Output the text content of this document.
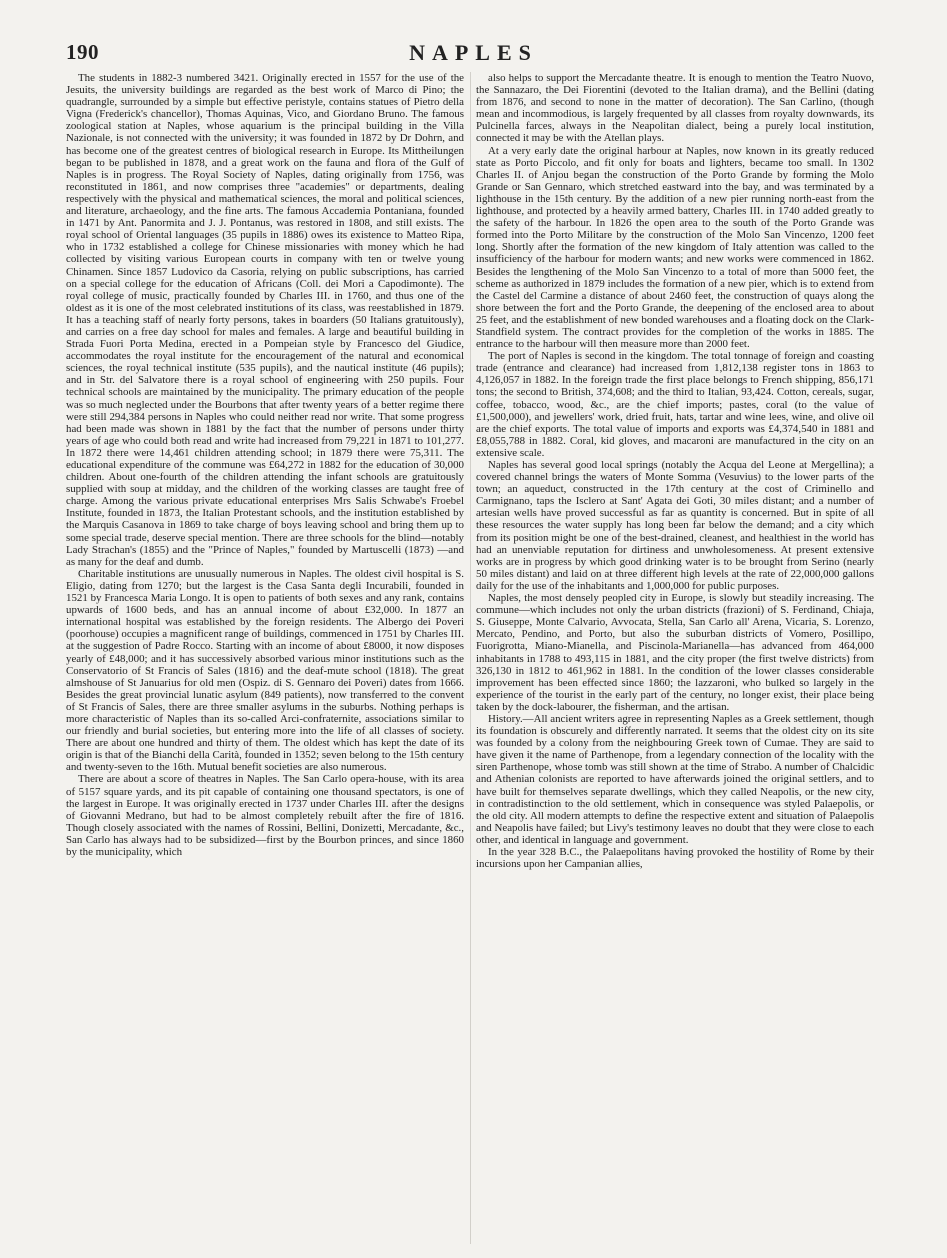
190	NAPLES

The students in 1882-3 numbered 3421. Originally erected in 1557 for the use of the Jesuits, the university buildings are regarded as the best work of Marco di Pino; the quadrangle, surrounded by a simple but effective peristyle, contains statues of Pietro della Vigna (Frederick's chancellor), Thomas Aquinas, Vico, and Giordano Bruno. The famous zoological station at Naples, whose aquarium is the principal building in the Villa Nazionale, is not connected with the university; it was founded in 1872 by Dr Dohrn, and has become one of the greatest centres of biological research in Europe. Its Mittheilungen began to be published in 1878, and a great work on the fauna and flora of the Gulf of Naples is in progress. The Royal Society of Naples, dating originally from 1756, was reconstituted in 1861, and now comprises three "academies" or departments, dealing respectively with the physical and mathematical sciences, the moral and political sciences, and literature, archaeology, and the fine arts. The famous Accademia Pontaniana, founded in 1471 by Ant. Panormita and J. J. Pontanus, was restored in 1808, and still exists. The royal school of Oriental languages (35 pupils in 1886) owes its existence to Matteo Ripa, who in 1732 established a college for Chinese missionaries with money which he had collected by visiting various European courts in company with ten or twelve young Chinamen. Since 1857 Ludovico da Casoria, relying on public subscriptions, has carried on a special college for the education of Africans (Coll. dei Mori a Capodimonte). The royal college of music, practically founded by Charles III. in 1760, and thus one of the oldest as it is one of the most celebrated institutions of its class, was reestablished in 1879. It has a teaching staff of nearly forty persons, takes in boarders (50 Italians gratuitously), and carries on a free day school for males and females. A large and beautiful building in Strada Fuori Porta Medina, erected in a Pompeian style by Francesco del Giudice, accommodates the royal institute for the encouragement of the natural and economical sciences, the royal technical institute (535 pupils), and the nautical institute (46 pupils); and in Str. del Salvatore there is a royal school of engineering with 250 pupils. Four technical schools are maintained by the municipality. The primary education of the people was so much neglected under the Bourbons that after twenty years of a better regime there were still 294,384 persons in Naples who could neither read nor write. That some progress had been made was shown in 1881 by the fact that the number of persons under thirty years of age who could both read and write had increased from 79,221 in 1871 to 101,277. In 1872 there were 14,461 children attending school; in 1879 there were 75,311. The educational expenditure of the commune was £64,272 in 1882 for the education of 30,000 children. About one-fourth of the children attending the infant schools are gratuitously supplied with soup at midday, and the children of the working classes are taught free of charge. Among the various private educational enterprises Mrs Salis Schwabe's Froebel Institute, founded in 1873, the Italian Protestant schools, and the institution established by the Marquis Casanova in 1869 to take charge of boys leaving school and bring them up to some special trade, deserve special mention. There are three schools for the blind—notably Lady Strachan's (1855) and the "Prince of Naples," founded by Martuscelli (1873) —and as many for the deaf and dumb.

Charitable institutions are unusually numerous in Naples. The oldest civil hospital is S. Eligio, dating from 1270; but the largest is the Casa Santa degli Incurabili, founded in 1521 by Francesca Maria Longo. It is open to patients of both sexes and any rank, contains upwards of 1600 beds, and has an annual income of about £32,000. In 1877 an international hospital was established by the foreign residents. The Albergo dei Poveri (poorhouse) occupies a magnificent range of buildings, commenced in 1751 by Charles III. at the suggestion of Padre Rocco. Starting with an income of about £8000, it now disposes yearly of £48,000; and it has successively absorbed various minor institutions such as the Conservatorio of St Francis of Sales (1816) and the deaf-mute school (1818). The great almshouse of St Januarius for old men (Ospiz. di S. Gennaro dei Poveri) dates from 1666. Besides the great provincial lunatic asylum (849 patients), now transferred to the convent of St Francis of Sales, there are three smaller asylums in the suburbs. Nothing perhaps is more characteristic of Naples than its so-called Arci-confraternite, associations similar to our friendly and burial societies, but entering more into the life of all classes of society. There are about one hundred and thirty of them. The oldest which has kept the date of its origin is that of the Bianchi della Carità, founded in 1352; seven belong to the 15th century and twenty-seven to the 16th. Mutual benefit societies are also numerous.

There are about a score of theatres in Naples. The San Carlo opera-house, with its area of 5157 square yards, and its pit capable of containing one thousand spectators, is one of the largest in Europe. It was originally erected in 1737 under Charles III. after the designs of Giovanni Medrano, but had to be almost completely rebuilt after the fire of 1816. Though closely associated with the names of Rossini, Bellini, Donizetti, Mercadante, &c., San Carlo has always had to be subsidized—first by the Bourbon princes, and since 1860 by the municipality, which

also helps to support the Mercadante theatre. It is enough to mention the Teatro Nuovo, the Sannazaro, the Dei Fiorentini (devoted to the Italian drama), and the Bellini (dating from 1876, and second to none in the matter of decoration). The San Carlino, (though mean and incommodious, is largely frequented by all classes from royalty downwards, its Pulcinella farces, always in the Neapolitan dialect, being a purely local institution, connected it may be with the Atellan plays.

At a very early date the original harbour at Naples, now known in its greatly reduced state as Porto Piccolo, and fit only for boats and lighters, became too small. In 1302 Charles II. of Anjou began the construction of the Porto Grande by forming the Molo Grande or San Gennaro, which stretched eastward into the bay, and was terminated by a lighthouse in the 15th century. By the addition of a new pier running north-east from the lighthouse, and protected by a heavily armed battery, Charles III. in 1740 added greatly to the safety of the harbour. In 1826 the open area to the south of the Porto Grande was formed into the Porto Militare by the construction of the Molo San Vincenzo, 1200 feet long. Shortly after the formation of the new kingdom of Italy attention was called to the insufficiency of the harbour for modern wants; and new works were commenced in 1862. Besides the lengthening of the Molo San Vincenzo to a total of more than 5000 feet, the scheme as authorized in 1879 includes the formation of a new pier, which is to extend from the Castel del Carmine a distance of about 2460 feet, the construction of quays along the shore between the fort and the Porto Grande, the deepening of the enclosed area to about 25 feet, and the establishment of new bonded warehouses and a floating dock on the Clark-Standfield system. The contract provides for the completion of the works in 1885. The entrance to the harbour will then measure more than 2000 feet.

The port of Naples is second in the kingdom. The total tonnage of foreign and coasting trade (entrance and clearance) had increased from 1,812,138 register tons in 1863 to 4,126,057 in 1882. In the foreign trade the first place belongs to French shipping, 856,171 tons; the second to British, 374,608; and the third to Italian, 93,424. Cotton, cereals, sugar, coffee, tobacco, wood, &c., are the chief imports; pastes, coral (to the value of £1,500,000), and jewellers' work, dried fruit, hats, tartar and wine lees, wine, and olive oil are the chief exports. The total value of imports and exports was £4,374,540 in 1881 and £8,055,788 in 1882. Coral, kid gloves, and macaroni are manufactured in the city on an extensive scale.

Naples has several good local springs (notably the Acqua del Leone at Mergellina); a covered channel brings the waters of Monte Somma (Vesuvius) to the lower parts of the town; an aqueduct, constructed in the 17th century at the cost of Criminello and Carmignano, taps the Isclero at Sant' Agata dei Goti, 30 miles distant; and a number of artesian wells have proved successful as far as quantity is concerned. But in spite of all these resources the water supply has long been far below the demand; and a city which from its position might be one of the best-drained, cleanest, and healthiest in the world has had an unenviable reputation for dirtiness and unwholesomeness. At present extensive works are in progress by which good drinking water is to be brought from Serino (nearly 50 miles distant) and laid on at three different high levels at the rate of 22,000,000 gallons daily for the use of the inhabitants and 1,000,000 for public purposes.

Naples, the most densely peopled city in Europe, is slowly but steadily increasing. The commune—which includes not only the urban districts (frazioni) of S. Ferdinand, Chiaja, S. Giuseppe, Monte Calvario, Avvocata, Stella, San Carlo all' Arena, Vicaria, S. Lorenzo, Mercato, Pendino, and Porto, but also the suburban districts of Vomero, Posillipo, Fuorigrotta, Miano-Mianella, and Piscinola-Marianella—has advanced from 464,000 inhabitants in 1788 to 493,115 in 1881, and the city proper (the first twelve districts) from 326,130 in 1812 to 461,962 in 1881. In the condition of the lower classes considerable improvement has been effected since 1860; the lazzaroni, who bulked so largely in the experience of the tourist in the early part of the century, no longer exist, their place being taken by the dock-labourer, the fisherman, and the artisan.

History.—All ancient writers agree in representing Naples as a Greek settlement, though its foundation is obscurely and differently narrated. It seems that the oldest city on its site was founded by a colony from the neighbouring Greek town of Cumae. They are said to have given it the name of Parthenope, from a legendary connection of the locality with the siren Parthenope, whose tomb was still shown at the time of Strabo. A number of Chalcidic and Athenian colonists are reported to have afterwards joined the original settlers, and to have built for themselves separate dwellings, which they called Neapolis, or the new city, in contradistinction to the old settlement, which in consequence was styled Palaepolis, or the old city. All modern attempts to define the respective extent and situation of Palaepolis and Neapolis have failed; but Livy's testimony leaves no doubt that they were close to each other, and identical in language and government.

In the year 328 B.C., the Palaepolitans having provoked the hostility of Rome by their incursions upon her Campanian allies,
